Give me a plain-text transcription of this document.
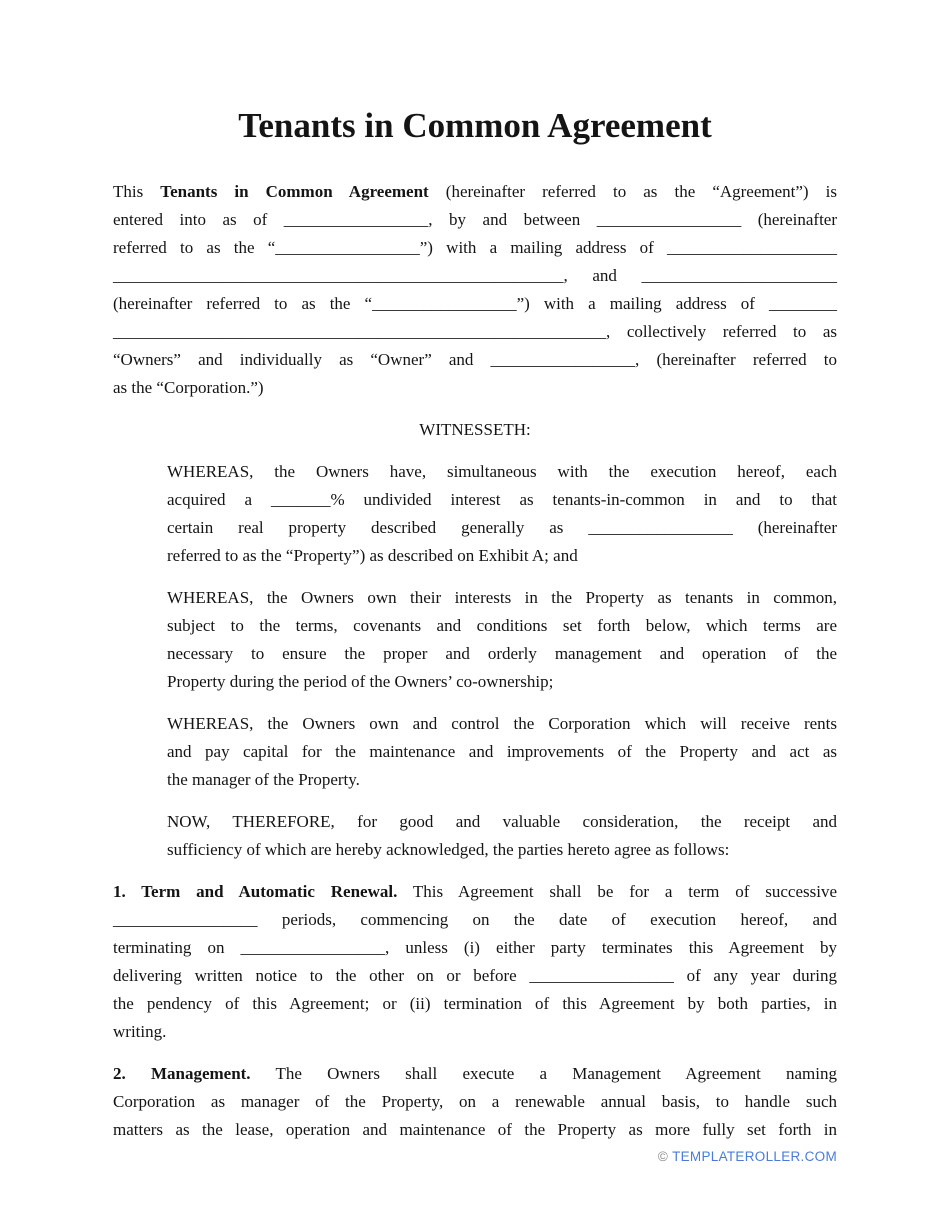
Tenants in Common Agreement
This Tenants in Common Agreement (hereinafter referred to as the “Agreement”) is
entered into as of _________________, by and between _________________ (hereinafter
referred to as the “_________________”) with a mailing address of ____________________
_____________________________________________________, and _______________________
(hereinafter referred to as the “_________________”) with a mailing address of ________
__________________________________________________________, collectively referred to as
“Owners” and individually as “Owner” and _________________, (hereinafter referred to
as the “Corporation.”)
WITNESSETH:
WHEREAS, the Owners have, simultaneous with the execution hereof, each
acquired a _______% undivided interest as tenants-in-common in and to that
certain real property described generally as _________________ (hereinafter
referred to as the “Property”) as described on Exhibit A; and
WHEREAS, the Owners own their interests in the Property as tenants in common,
subject to the terms, covenants and conditions set forth below, which terms are
necessary to ensure the proper and orderly management and operation of the
Property during the period of the Owners’ co-ownership;
WHEREAS, the Owners own and control the Corporation which will receive rents
and pay capital for the maintenance and improvements of the Property and act as
the manager of the Property.
NOW, THEREFORE, for good and valuable consideration, the receipt and
sufficiency of which are hereby acknowledged, the parties hereto agree as follows:
1. Term and Automatic Renewal. This Agreement shall be for a term of successive
_________________ periods, commencing on the date of execution hereof, and
terminating on _________________, unless (i) either party terminates this Agreement by
delivering written notice to the other on or before _________________ of any year during
the pendency of this Agreement; or (ii) termination of this Agreement by both parties, in
writing.
2. Management. The Owners shall execute a Management Agreement naming
Corporation as manager of the Property, on a renewable annual basis, to handle such
matters as the lease, operation and maintenance of the Property as more fully set forth in
© TEMPLATEROLLER.COM
